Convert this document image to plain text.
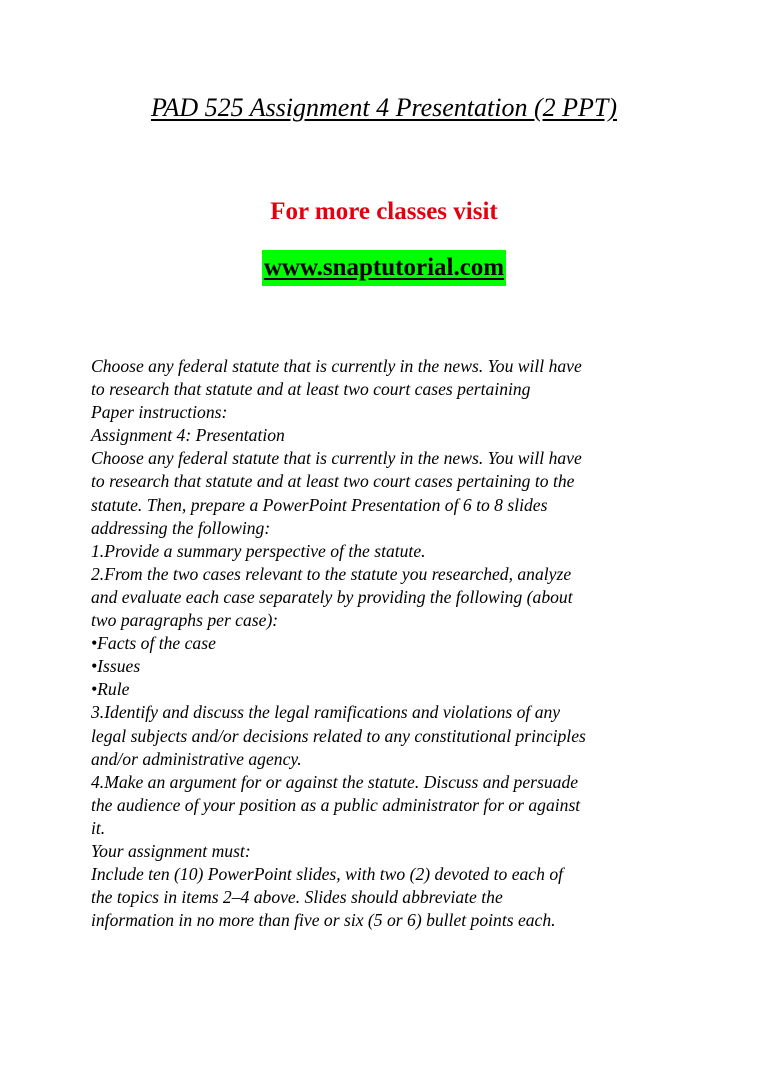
PAD 525 Assignment 4 Presentation (2 PPT)
For more classes visit
www.snaptutorial.com
Choose any federal statute that is currently in the news. You will have
to research that statute and at least two court cases pertaining
Paper instructions:
Assignment 4: Presentation
Choose any federal statute that is currently in the news. You will have
to research that statute and at least two court cases pertaining to the
statute. Then, prepare a PowerPoint Presentation of 6 to 8 slides
addressing the following:
1.Provide a summary perspective of the statute.
2.From the two cases relevant to the statute you researched, analyze
and evaluate each case separately by providing the following (about
two paragraphs per case):
•Facts of the case
•Issues
•Rule
3.Identify and discuss the legal ramifications and violations of any
legal subjects and/or decisions related to any constitutional principles
and/or administrative agency.
4.Make an argument for or against the statute. Discuss and persuade
the audience of your position as a public administrator for or against
it.
Your assignment must:
Include ten (10) PowerPoint slides, with two (2) devoted to each of
the topics in items 2–4 above. Slides should abbreviate the
information in no more than five or six (5 or 6) bullet points each.
